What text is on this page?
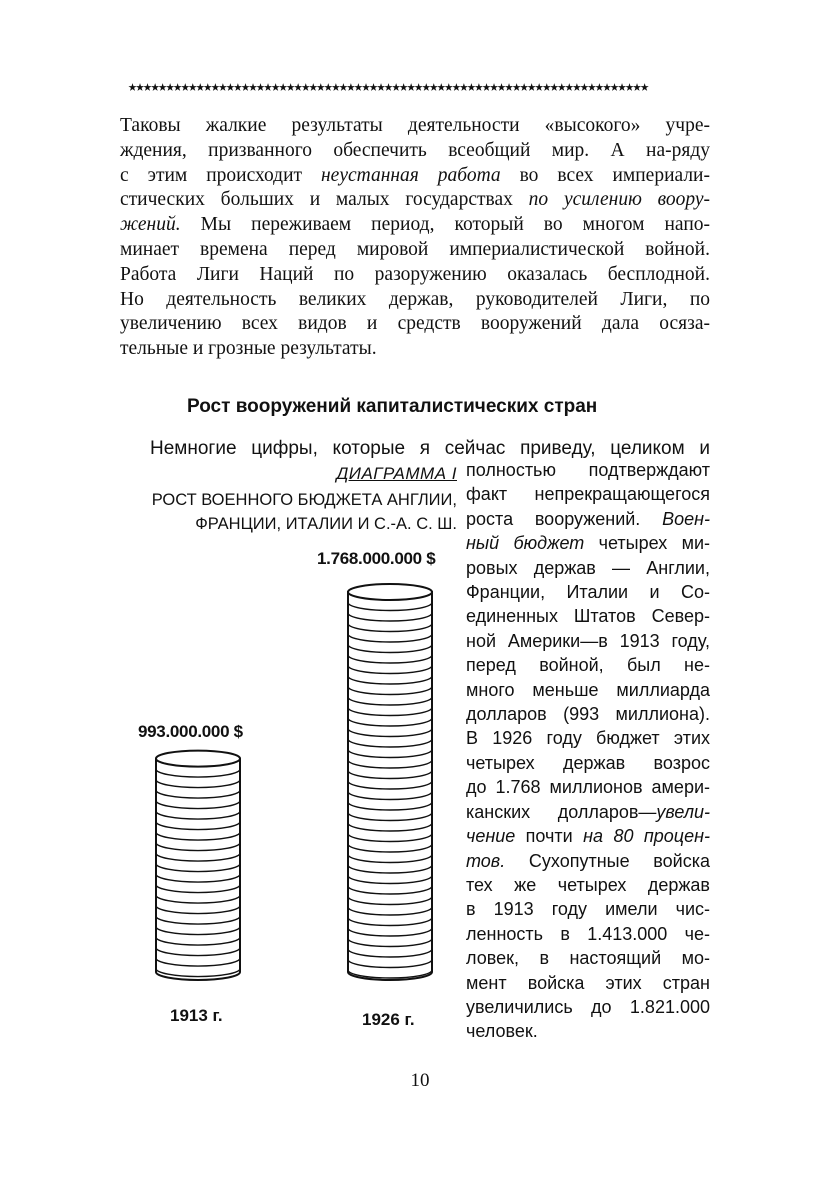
★★★★★★★★★★★★★★★★★★★★★★★★★★★★★★★★★★★★★★★★★★★★★★★★★★★★★★★★★★★★★★★★★★★★★

Таковы жалкие результаты деятельности «высокого» учре-
ждения, призванного обеспечить всеобщий мир. А на-ряду
с этим происходит неустанная работа во всех империали-
стических больших и малых государствах по усилению воору-
жений. Мы переживаем период, который во многом напо-
минает времена перед мировой империалистической войной.
Работа Лиги Наций по разоружению оказалась бесплодной.
Но деятельность великих держав, руководителей Лиги, по
увеличению всех видов и средств вооружений дала осяза-
тельные и грозные результаты.

Рост вооружений капиталистических стран
Немногие цифры, которые я сейчас приведу, целиком и
ДИАГРАММА I
РОСТ ВОЕННОГО БЮДЖЕТА АНГЛИИ,
ФРАНЦИИ, ИТАЛИИ И С.-А. С. Ш.
993.000.000 $
1.768.000.000 $
1913 г.	1926 г.
полностью подтверждают
факт непрекращающегося
роста вооружений. Воен-
ный бюджет четырех ми-
ровых держав — Англии,
Франции, Италии и Со-
единенных Штатов Север-
ной Америки—в 1913 году,
перед войной, был не-
много меньше миллиарда
долларов (993 миллиона).
В 1926 году бюджет этих
четырех держав возрос
до 1.768 миллионов амери-
канских долларов—увели-
чение почти на 80 процен-
тов. Сухопутные войска
тех же четырех держав
в 1913 году имели чис-
ленность в 1.413.000 че-
ловек, в настоящий мо-
мент войска этих стран
увеличились до 1.821.000
человек.
10
